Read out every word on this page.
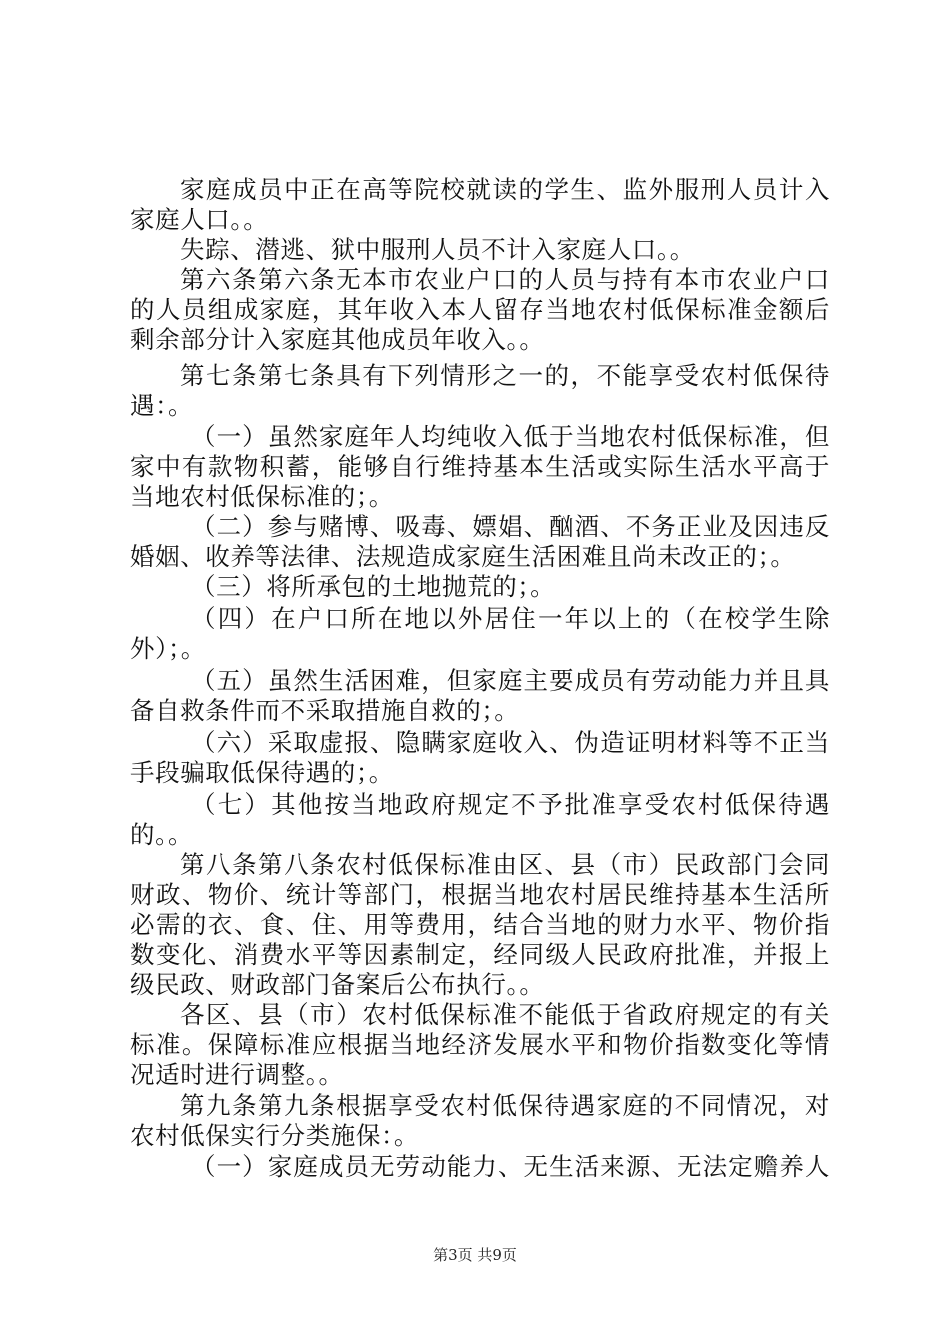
家庭成员中正在高等院校就读的学生、监外服刑人员计入
家庭人口。。
失踪、潜逃、狱中服刑人员不计入家庭人口。。
第六条第六条无本市农业户口的人员与持有本市农业户口
的人员组成家庭，其年收入本人留存当地农村低保标准金额后
剩余部分计入家庭其他成员年收入。。
第七条第七条具有下列情形之一的，不能享受农村低保待
遇：。
（一）虽然家庭年人均纯收入低于当地农村低保标准，但
家中有款物积蓄，能够自行维持基本生活或实际生活水平高于
当地农村低保标准的；。
（二）参与赌博、吸毒、嫖娼、酗酒、不务正业及因违反
婚姻、收养等法律、法规造成家庭生活困难且尚未改正的；。
（三）将所承包的土地抛荒的；。
（四）在户口所在地以外居住一年以上的（在校学生除
外）；。
（五）虽然生活困难，但家庭主要成员有劳动能力并且具
备自救条件而不采取措施自救的；。
（六）采取虚报、隐瞒家庭收入、伪造证明材料等不正当
手段骗取低保待遇的；。
（七）其他按当地政府规定不予批准享受农村低保待遇
的。。
第八条第八条农村低保标准由区、县（市）民政部门会同
财政、物价、统计等部门，根据当地农村居民维持基本生活所
必需的衣、食、住、用等费用，结合当地的财力水平、物价指
数变化、消费水平等因素制定，经同级人民政府批准，并报上
级民政、财政部门备案后公布执行。。
各区、县（市）农村低保标准不能低于省政府规定的有关
标准。保障标准应根据当地经济发展水平和物价指数变化等情
况适时进行调整。。
第九条第九条根据享受农村低保待遇家庭的不同情况，对
农村低保实行分类施保：。
（一）家庭成员无劳动能力、无生活来源、无法定赡养人
第3页 共9页
